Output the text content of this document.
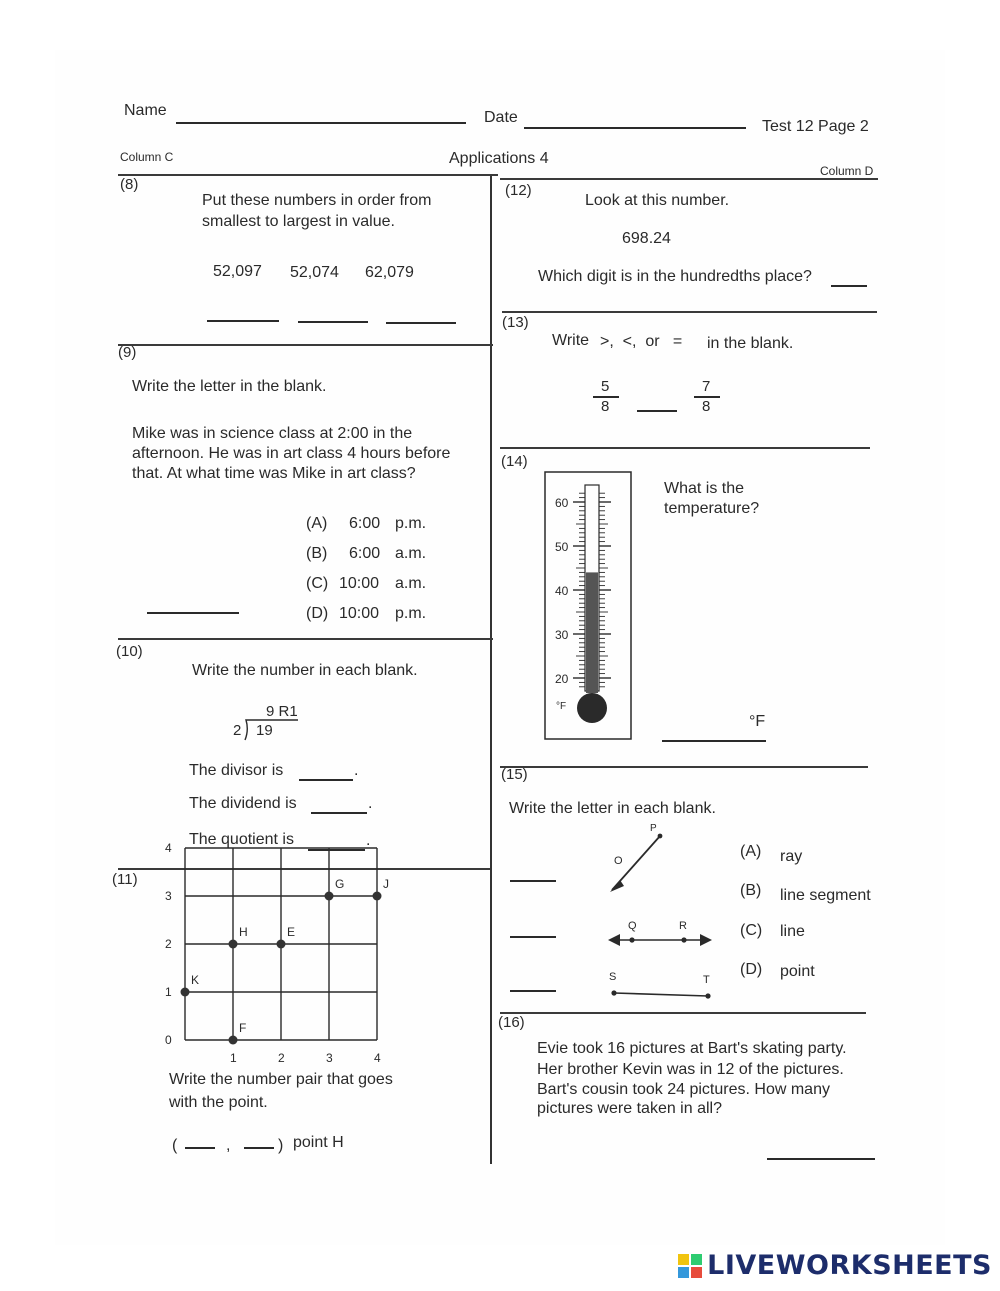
Name	Date
Test 12 Page 2
Column C	Applications 4
Column D
(8)
Put these numbers in order from
smallest to largest in value.
52,097 52,074 62,079
(9)
Write the letter in the blank.
Mike was in science class at 2:00 in the
afternoon. He was in art class 4 hours before
that. At what time was Mike in art class?
(A) 6:00 p.m.
(B) 6:00 a.m.
(C) 10:00 a.m.
(D) 10:00 p.m.
(10)
Write the number in each blank.
9 R1
2 19
The divisor is	.
The dividend is	.
The quotient is	.
(11)
4
3
2
1
0
1	2	3	4
G	J
H	E
K
F
Write the number pair that goes
with the point.
(	,	) point H
(12)
Look at this number.
698.24
Which digit is in the hundredths place?
(13)
Write >,  <,  or   = in the blank.
5
8
7
8
(14)
What is the
temperature?
60
50
40
30
20
°F
°F
(15)
Write the letter in each blank.
P
O
Q	R
S	T
(A) ray
(B) line segment
(C) line
(D) point
(16)
Evie took 16 pictures at Bart's skating party.
Her brother Kevin was in 12 of the pictures.
Bart's cousin took 24 pictures. How many
pictures were taken in all?
LIVEWORKSHEETS
